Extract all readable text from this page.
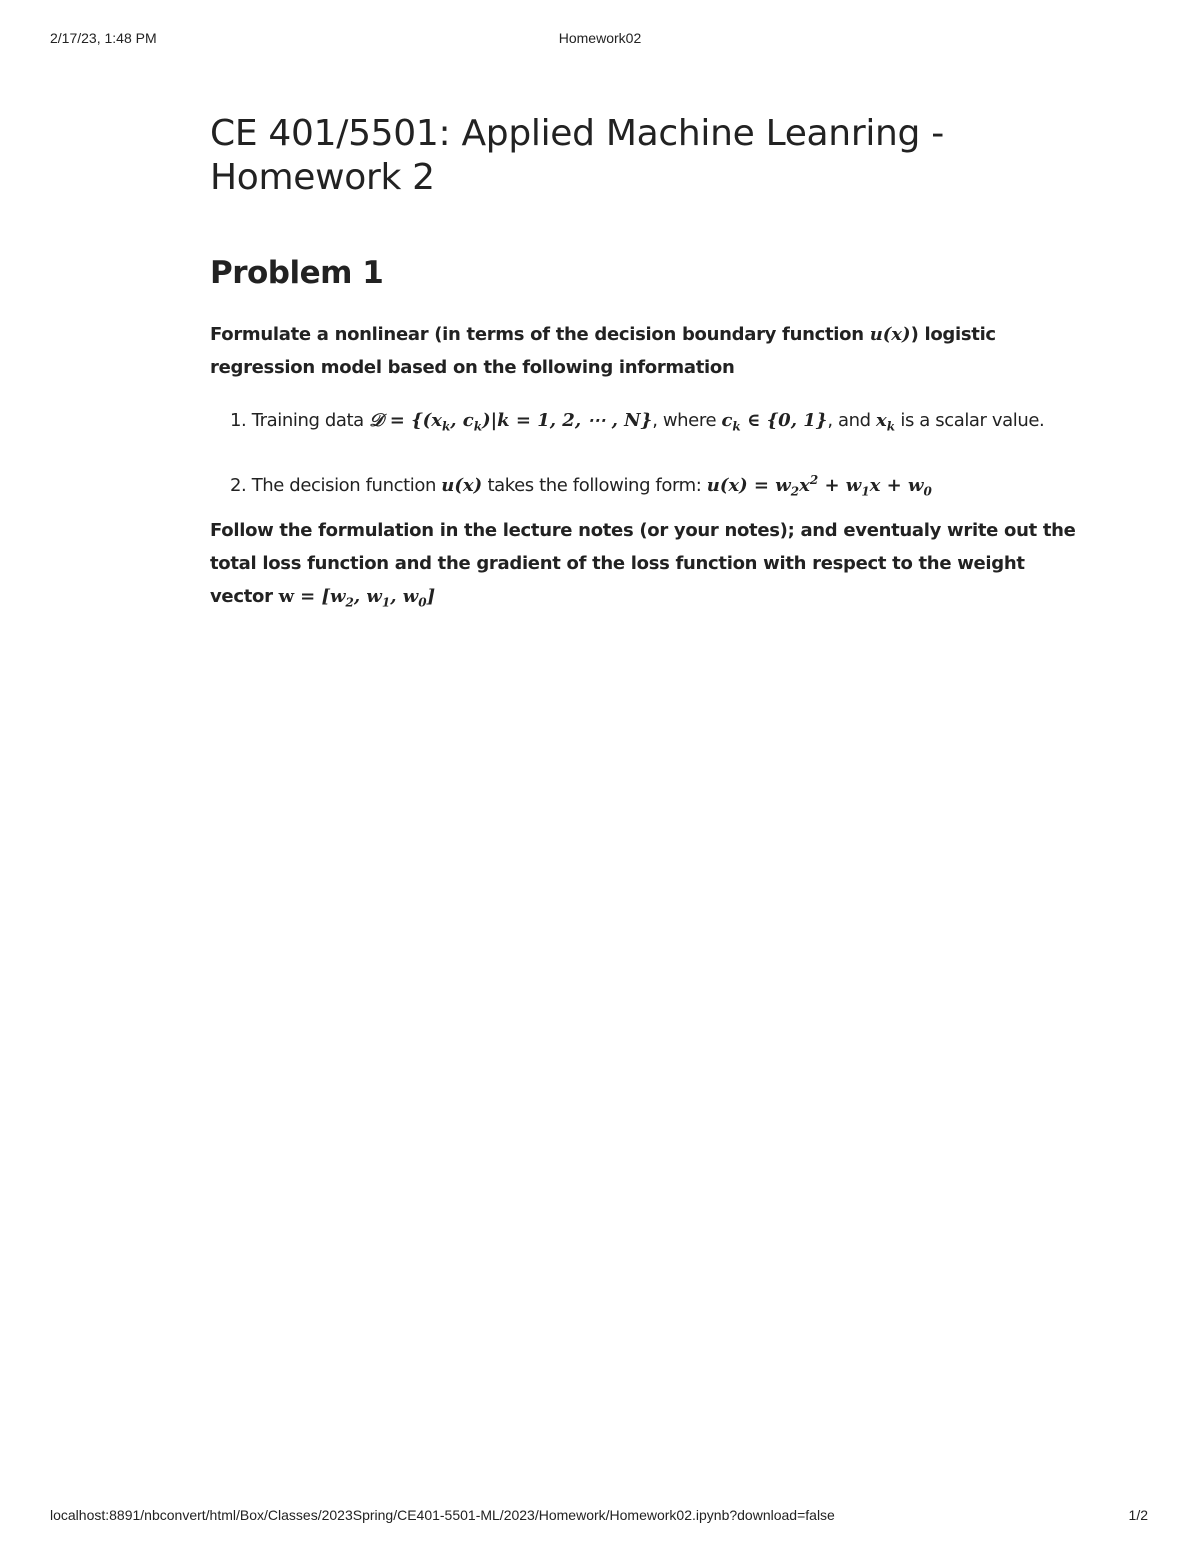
2/17/23, 1:48 PM	Homework02
CE 401/5501: Applied Machine Leanring -
Homework 2
Problem 1

Formulate a nonlinear (in terms of the decision boundary function u(x)) logistic regression model based on the following information

1. Training data 𝒟 = {($x_k$, $c_k)|k = 1$, 2, ⋯ , N}, where $c_k$ ∈ {0, 1}, and $x_k$ is a scalar value.
2. The decision function u(x) takes the following form: $u(x) = w_2x^2 + w_1x + w_0$

Follow the formulation in the lecture notes (or your notes); and eventualy write out the total loss function and the gradient of the loss function with respect to the weight vector $w = [w_2$, $w_1$, $w_0$]

localhost:8891/nbconvert/html/Box/Classes/2023Spring/CE401-5501-ML/2023/Homework/Homework02.ipynb?download=false	1/2
